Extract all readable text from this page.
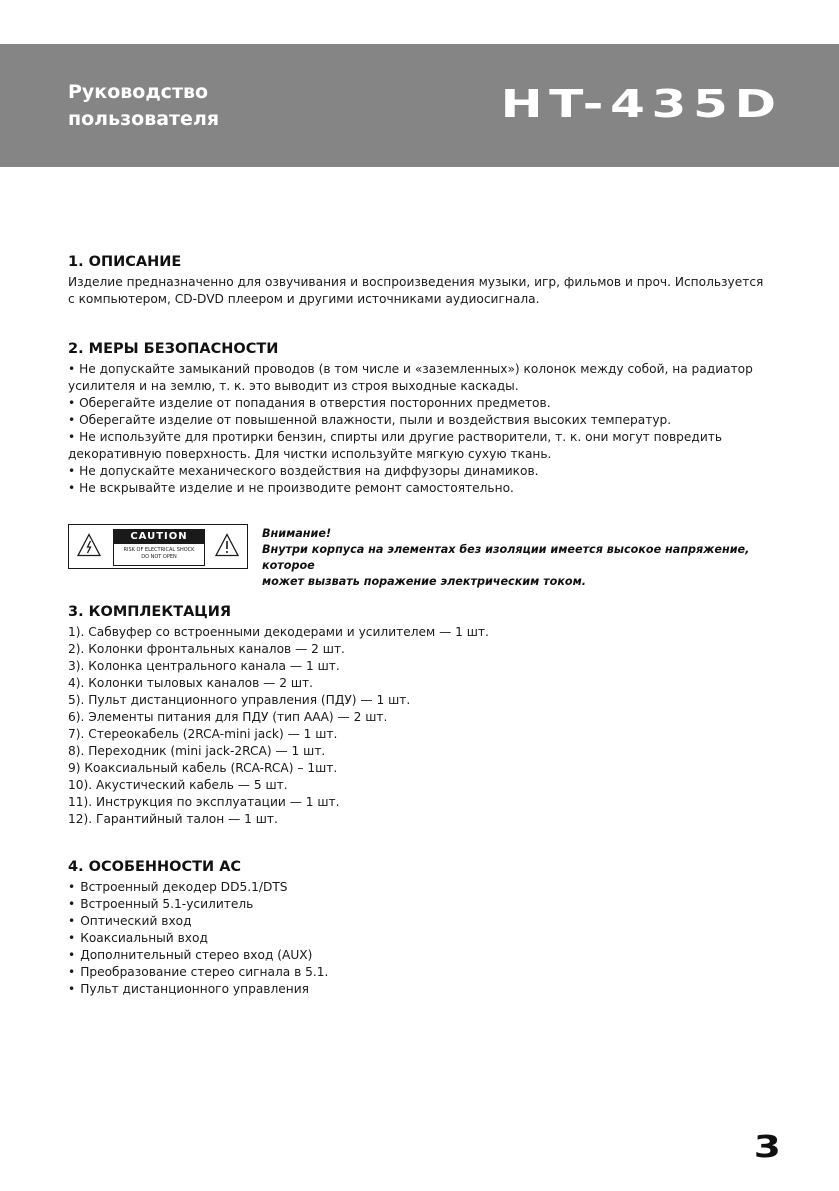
Руководство
пользователя	HT-435D
1. ОПИСАНИЕ

Изделие предназначенно для озвучивания и воспроизведения музыки, игр, фильмов и проч. Используется

с компьютером, CD-DVD плеером и другими источниками аудиосигнала.

2. МЕРЫ БЕЗОПАСНОСТИ

• Не допускайте замыканий проводов (в том числе и «заземленных») колонок между собой, на радиатор

усилителя и на землю, т. к. это выводит из строя выходные каскады.

• Оберегайте изделие от попадания в отверстия посторонних предметов.

• Оберегайте изделие от повышенной влажности, пыли и воздействия высоких температур.

• Не используйте для протирки бензин, спирты или другие растворители, т. к. они могут повредить

декоративную поверхность. Для чистки используйте мягкую сухую ткань.

• Не допускайте механического воздействия на диффузоры динамиков.

• Не вскрывайте изделие и не производите ремонт самостоятельно.

CAUTION
RISK OF ELECTRICAL SHOCK
DO NOT OPEN
Внимание!
Внутри корпуса на элементах без изоляции имеется высокое напряжение, которое
может вызвать поражение электрическим током.
3. КОМПЛЕКТАЦИЯ

1). Сабвуфер со встроенными декодерами и усилителем — 1 шт.

2). Колонки фронтальных каналов — 2 шт.

3). Колонка центрального канала — 1 шт.

4). Колонки тыловых каналов — 2 шт.

5). Пульт дистанционного управления (ПДУ) — 1 шт.

6). Элементы питания для ПДУ (тип ААА) — 2 шт.

7). Стереокабель (2RCA-mini jack) — 1 шт.

8). Переходник (mini jack-2RCA) — 1 шт.

9) Коаксиальный кабель (RCA-RCA) – 1шт.

10). Акустический кабель — 5 шт.

11). Инструкция по эксплуатации — 1 шт.

12). Гарантийный талон — 1 шт.

4. ОСОБЕННОСТИ АС
• Встроенный декодер DD5.1/DTS
• Встроенный 5.1-усилитель
• Оптический вход
• Коаксиальный вход
• Дополнительный стерео вход (AUX)
• Преобразование стерео сигнала в 5.1.
• Пульт дистанционного управления
3
